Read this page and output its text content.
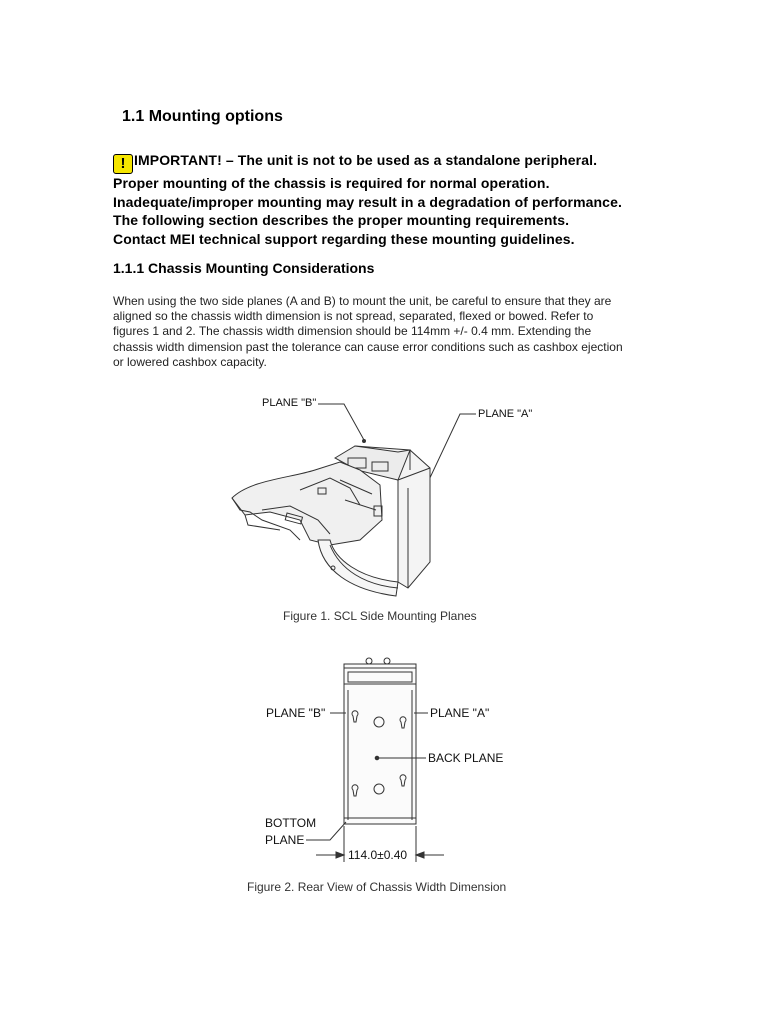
1.1 Mounting options
! IMPORTANT! – The unit is not to be used as a standalone peripheral.
Proper mounting of the chassis is required for normal operation.
Inadequate/improper mounting may result in a degradation of performance.
The following section describes the proper mounting requirements.
Contact MEI technical support regarding these mounting guidelines.
1.1.1 Chassis Mounting Considerations
When using the two side planes (A and B) to mount the unit, be careful to ensure that they are
aligned so the chassis width dimension is not spread, separated, flexed or bowed. Refer to
figures 1 and 2. The chassis width dimension should be 114mm +/- 0.4 mm. Extending the
chassis width dimension past the tolerance can cause error conditions such as cashbox ejection
or lowered cashbox capacity.
PLANE "B"
PLANE "A"
Figure 1. SCL Side Mounting Planes
PLANE "B"	PLANE "A"
BACK PLANE
BOTTOM
PLANE
114.0±0.40
Figure 2. Rear View of Chassis Width Dimension
